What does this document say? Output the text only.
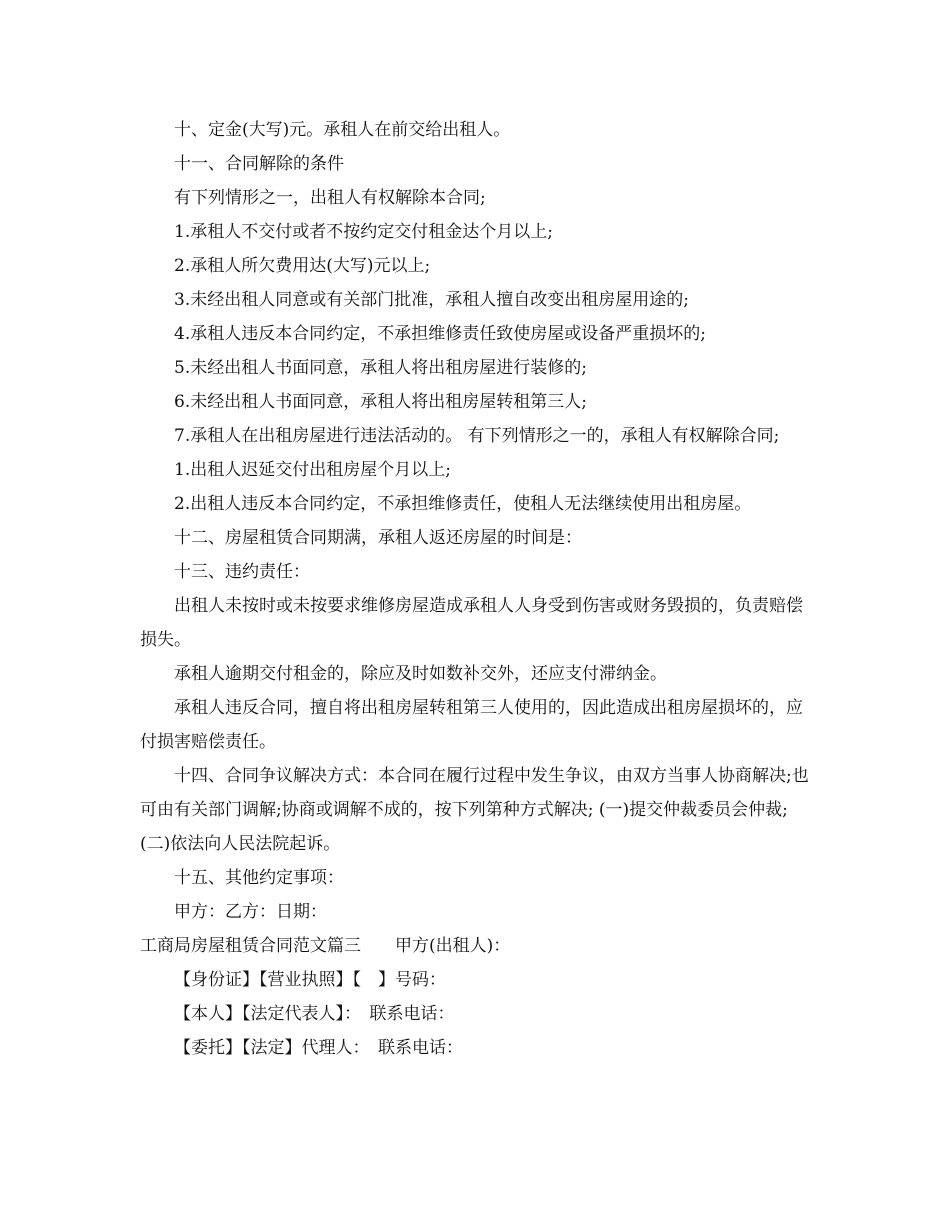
十、定金(大写)元。承租人在前交给出租人。

十一、合同解除的条件

有下列情形之一，出租人有权解除本合同;

1.承租人不交付或者不按约定交付租金达个月以上;

2.承租人所欠费用达(大写)元以上;

3.未经出租人同意或有关部门批准，承租人擅自改变出租房屋用途的;

4.承租人违反本合同约定，不承担维修责任致使房屋或设备严重损坏的;

5.未经出租人书面同意，承租人将出租房屋进行装修的;

6.未经出租人书面同意，承租人将出租房屋转租第三人;

7.承租人在出租房屋进行违法活动的。 有下列情形之一的，承租人有权解除合同;

1.出租人迟延交付出租房屋个月以上;

2.出租人违反本合同约定，不承担维修责任，使租人无法继续使用出租房屋。

十二、房屋租赁合同期满，承租人返还房屋的时间是：

十三、违约责任：

出租人未按时或未按要求维修房屋造成承租人人身受到伤害或财务毁损的，负责赔偿损失。

承租人逾期交付租金的，除应及时如数补交外，还应支付滞纳金。

承租人违反合同，擅自将出租房屋转租第三人使用的，因此造成出租房屋损坏的，应付损害赔偿责任。

十四、合同争议解决方式：本合同在履行过程中发生争议，由双方当事人协商解决;也可由有关部门调解;协商或调解不成的，按下列第种方式解决; (一)提交仲裁委员会仲裁; (二)依法向人民法院起诉。

十五、其他约定事项：

甲方：乙方：日期：

工商局房屋租赁合同范文篇三　　甲方(出租人)：

【身份证】【营业执照】【　】号码：

【本人】【法定代表人】：　联系电话：

【委托】【法定】代理人：　联系电话：
